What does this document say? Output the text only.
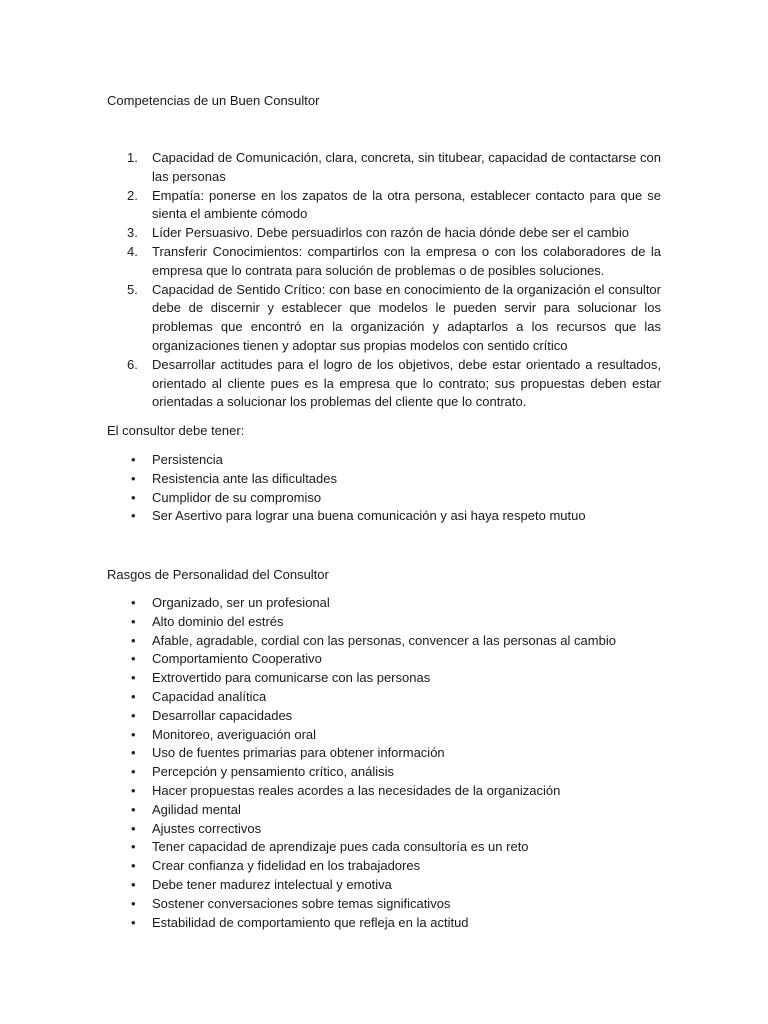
Competencias de un Buen Consultor
1.	Capacidad de Comunicación, clara, concreta, sin titubear, capacidad de contactarse con las personas
2.	Empatía: ponerse en los zapatos de la otra persona, establecer contacto para que se sienta el ambiente cómodo
3.	Líder Persuasivo. Debe persuadirlos con razón de hacia dónde debe ser el cambio
4.	Transferir Conocimientos: compartirlos con la empresa o con los colaboradores de la empresa que lo contrata para solución de problemas o de posibles soluciones.
5.	Capacidad de Sentido Crítico: con base en conocimiento de la organización el consultor debe de discernir y establecer que modelos le pueden servir para solucionar los problemas que encontró en la organización y adaptarlos a los recursos que las organizaciones tienen y adoptar sus propias modelos con sentido crítico
6.	Desarrollar actitudes para el logro de los objetivos, debe estar orientado a resultados, orientado al cliente pues es la empresa que lo contrato; sus propuestas deben estar orientadas a solucionar los problemas del cliente que lo contrato.

El consultor debe tener:

• Persistencia
• Resistencia ante las dificultades
• Cumplidor de su compromiso
• Ser Asertivo para lograr una buena comunicación y asi haya respeto mutuo
Rasgos de Personalidad del Consultor
• Organizado, ser un profesional
• Alto dominio del estrés
• Afable, agradable, cordial con las personas, convencer a las personas al cambio
• Comportamiento Cooperativo
• Extrovertido para comunicarse con las personas
• Capacidad analítica
• Desarrollar capacidades
• Monitoreo, averiguación oral
• Uso de fuentes primarias para obtener información
• Percepción y pensamiento crítico, análisis
• Hacer propuestas reales acordes a las necesidades de la organización
• Agilidad mental
• Ajustes correctivos
• Tener capacidad de aprendizaje pues cada consultoría es un reto
• Crear confianza y fidelidad en los trabajadores
• Debe tener madurez intelectual y emotiva
• Sostener conversaciones sobre temas significativos
• Estabilidad de comportamiento que refleja en la actitud
